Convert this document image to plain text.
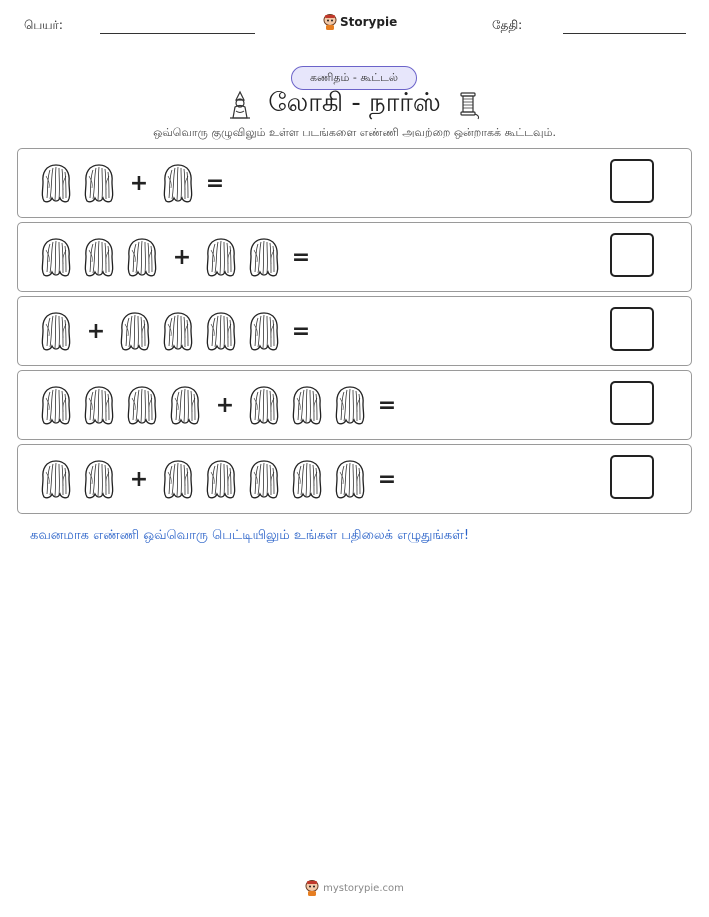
பெயர்:	Storypie	தேதி:
கணிதம் - கூட்டல்
லோகி - நார்ஸ்
ஒவ்வொரு குழுவிலும் உள்ள படங்களை எண்ணி அவற்றை ஒன்றாகக் கூட்டவும்.
+	=
+	=
+	=
+	=
+	=
கவனமாக எண்ணி ஒவ்வொரு பெட்டியிலும் உங்கள் பதிலைக் எழுதுங்கள்!
mystorypie.com
